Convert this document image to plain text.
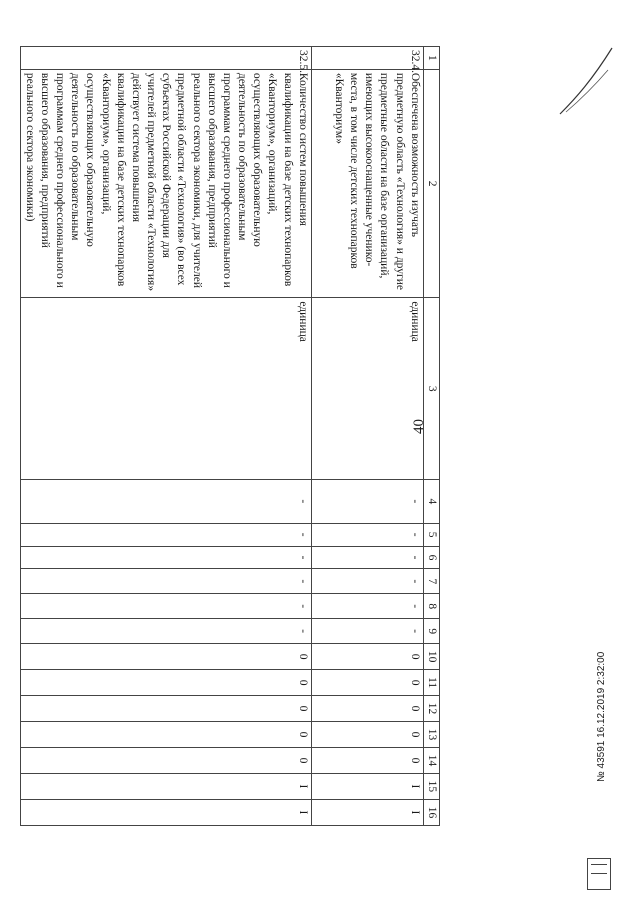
40
1	2	3	4	5	6	7	8	9	10	11	12	13	14	15	16
32.4.	Обеспечена возможность изучать предметную область «Технология» и другие предметные области на базе организаций, имеющих высокооснащенные ученико-места, в том числе детских технопарков «Кванториум»	единица	-	-	-	-	-	-	0	0	0	0	0	I	I
32.5.	Количество систем повышения квалификации на базе детских технопарков «Кванториум», организаций, осуществляющих образовательную деятельность по образовательным программам среднего профессионального и высшего образования, предприятий реального сектора экономики, для учителей предметной области «Технология» (во всех субъектах Российской Федерации для учителей предметной области «Технология» действует система повышения квалификации на базе детских технопарков «Кванториум», организаций, осуществляющих образовательную деятельность по образовательным программам среднего профессионального и высшего образования, предприятий реального сектора экономики)	единица	-	-	-	-	-	-	0	0	0	0	0	I	I
№ 43591 16.12.2019 2:32:00
